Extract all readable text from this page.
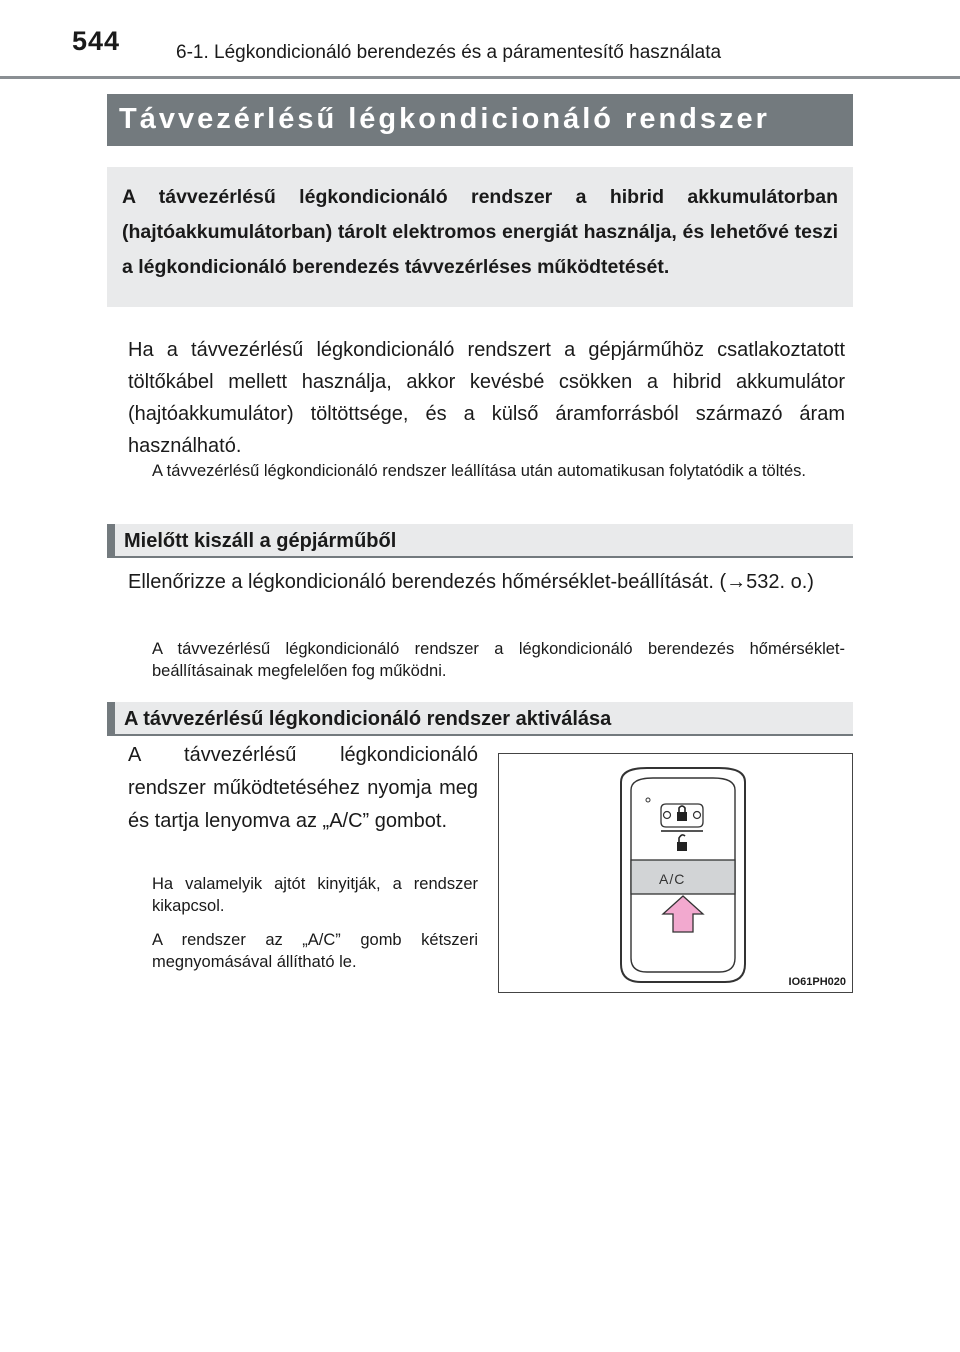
544	6-1. Légkondicionáló berendezés és a páramentesítő használata
Távvezérlésű légkondicionáló rendszer
A távvezérlésű légkondicionáló rendszer a hibrid akkumulátorban (hajtóakkumulátorban) tárolt elektromos energiát használja, és lehetővé teszi a légkondicionáló berendezés távvezérléses működtetését.
Ha a távvezérlésű légkondicionáló rendszert a gépjárműhöz csatlakoztatott töltőkábel mellett használja, akkor kevésbé csökken a hibrid akkumulátor (hajtóakkumulátor) töltöttsége, és a külső áramforrásból származó áram használható.
A távvezérlésű légkondicionáló rendszer leállítása után automatikusan folytatódik a töltés.
Mielőtt kiszáll a gépjárműből
Ellenőrizze a légkondicionáló berendezés hőmérséklet-beállítását. (→532. o.)
A távvezérlésű légkondicionáló rendszer a légkondicionáló berendezés hőmérséklet-beállításainak megfelelően fog működni.
A távvezérlésű légkondicionáló rendszer aktiválása
A távvezérlésű légkondicionáló rendszer működtetéséhez nyomja meg és tartja lenyomva az „A/C” gombot.
Ha valamelyik ajtót kinyitják, a rendszer kikapcsol.
A rendszer az „A/C” gomb kétszeri megnyomásával állítható le.
A/C
IO61PH020
